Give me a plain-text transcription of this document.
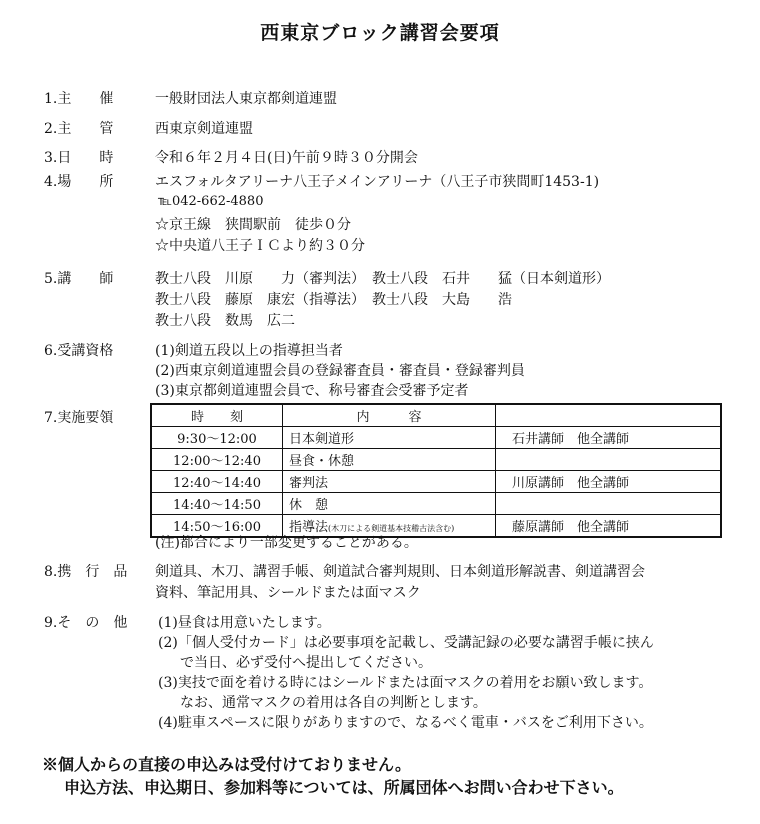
西東京ブロック講習会要項
1.主　　催	一般財団法人東京都剣道連盟
2.主　　管	西東京剣道連盟
3.日　　時	令和６年２月４日(日)午前９時３０分開会
4.場　　所	エスフォルタアリーナ八王子メインアリーナ（八王子市狭間町1453-1)
℡042-662-4880
☆京王線　狭間駅前　徒歩０分
☆中央道八王子ＩＣより約３０分
5.講　　師	教士八段　川原　　力（審判法）　教士八段　石井　　猛（日本剣道形）
教士八段　藤原　康宏（指導法）　教士八段　大島　　浩
教士八段　数馬　広二
6.受講資格	(1)剣道五段以上の指導担当者
(2)西東京剣道連盟会員の登録審査員・審査員・登録審判員
(3)東京都剣道連盟会員で、称号審査会受審予定者
7.実施要領	時　　刻	内　　　容	
9:30〜12:00	日本剣道形	石井講師　他全講師
12:00〜12:40	昼食・休憩	
12:40〜14:40	審判法	川原講師　他全講師
14:40〜14:50	休　憩	
14:50〜16:00	指導法(木刀による剣道基本技稽古法含む)	藤原講師　他全講師
(注)都合により一部変更することがある。
8.携　行　品 剣道具、木刀、講習手帳、剣道試合審判規則、日本剣道形解説書、剣道講習会
資料、筆記用具、シールドまたは面マスク
9.そ　の　他 (1)昼食は用意いたします。
(2)「個人受付カード」は必要事項を記載し、受講記録の必要な講習手帳に挟ん
で当日、必ず受付へ提出してください。
(3)実技で面を着ける時にはシールドまたは面マスクの着用をお願い致します。
なお、通常マスクの着用は各自の判断とします。
(4)駐車スペースに限りがありますので、なるべく電車・バスをご利用下さい。
※個人からの直接の申込みは受付けておりません。
申込方法、申込期日、参加料等については、所属団体へお問い合わせ下さい。
